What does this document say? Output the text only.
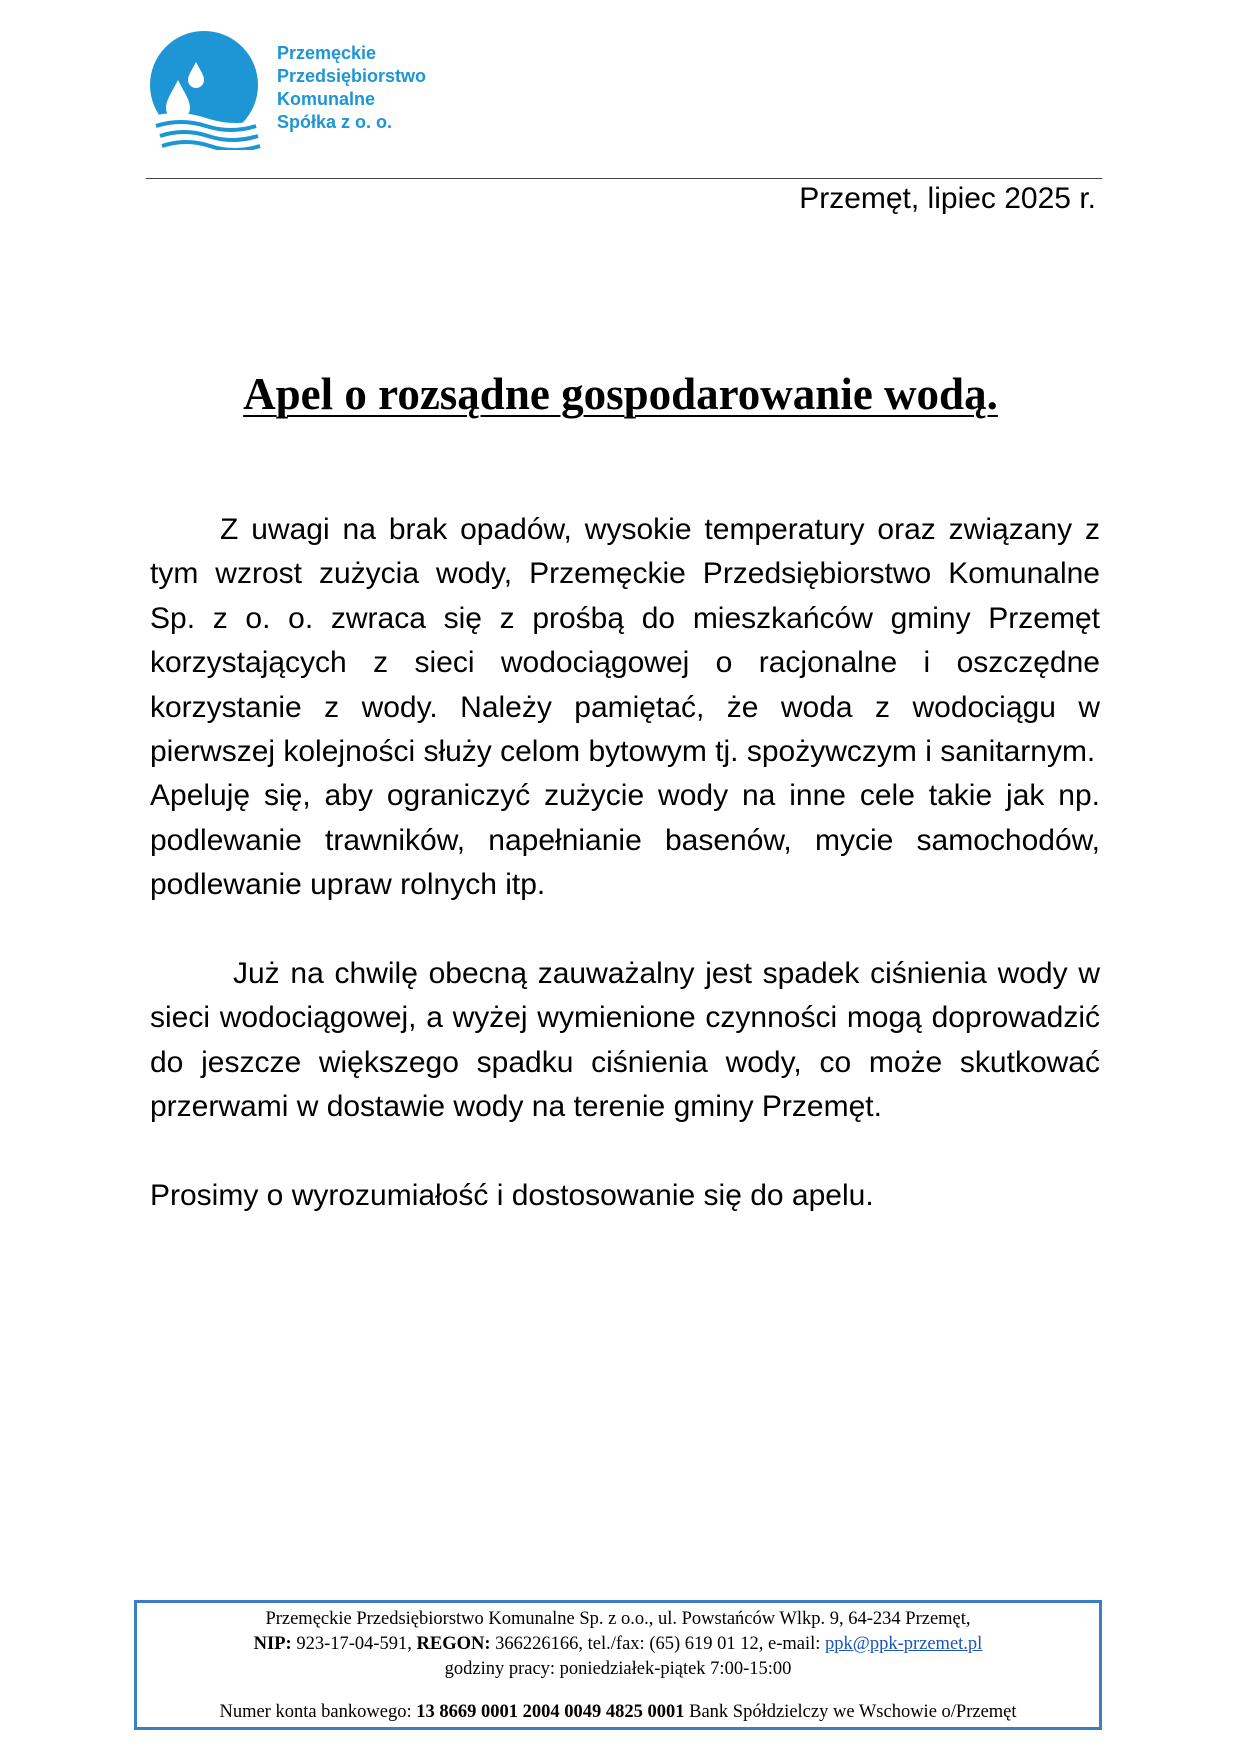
Przemęckie
Przedsiębiorstwo
Komunalne
Spółka z o. o.
Przemęt, lipiec 2025 r.
Apel o rozsądne gospodarowanie wodą.

Z uwagi na brak opadów, wysokie temperatury oraz związany z tym wzrost zużycia wody, Przemęckie Przedsiębiorstwo Komunalne Sp. z o. o. zwraca się z prośbą do mieszkańców gminy Przemęt korzystających z sieci wodociągowej o racjonalne i oszczędne korzystanie z wody. Należy pamiętać, że woda z wodociągu w pierwszej kolejności służy celom bytowym tj. spożywczym i sanitarnym.

Apeluję się, aby ograniczyć zużycie wody na inne cele takie jak np. podlewanie trawników, napełnianie basenów, mycie samochodów, podlewanie upraw rolnych itp.

Już na chwilę obecną zauważalny jest spadek ciśnienia wody w sieci wodociągowej, a wyżej wymienione czynności mogą doprowadzić do jeszcze większego spadku ciśnienia wody, co może skutkować przerwami w dostawie wody na terenie gminy Przemęt.

Prosimy o wyrozumiałość i dostosowanie się do apelu.

Przemęckie Przedsiębiorstwo Komunalne Sp. z o.o., ul. Powstańców Wlkp. 9, 64-234 Przemęt,
NIP: 923-17-04-591, REGON: 366226166, tel./fax: (65) 619 01 12, e-mail: ppk@ppk-przemet.pl
godziny pracy: poniedziałek-piątek 7:00-15:00
Numer konta bankowego: 13 8669 0001 2004 0049 4825 0001 Bank Spółdzielczy we Wschowie o/Przemęt
